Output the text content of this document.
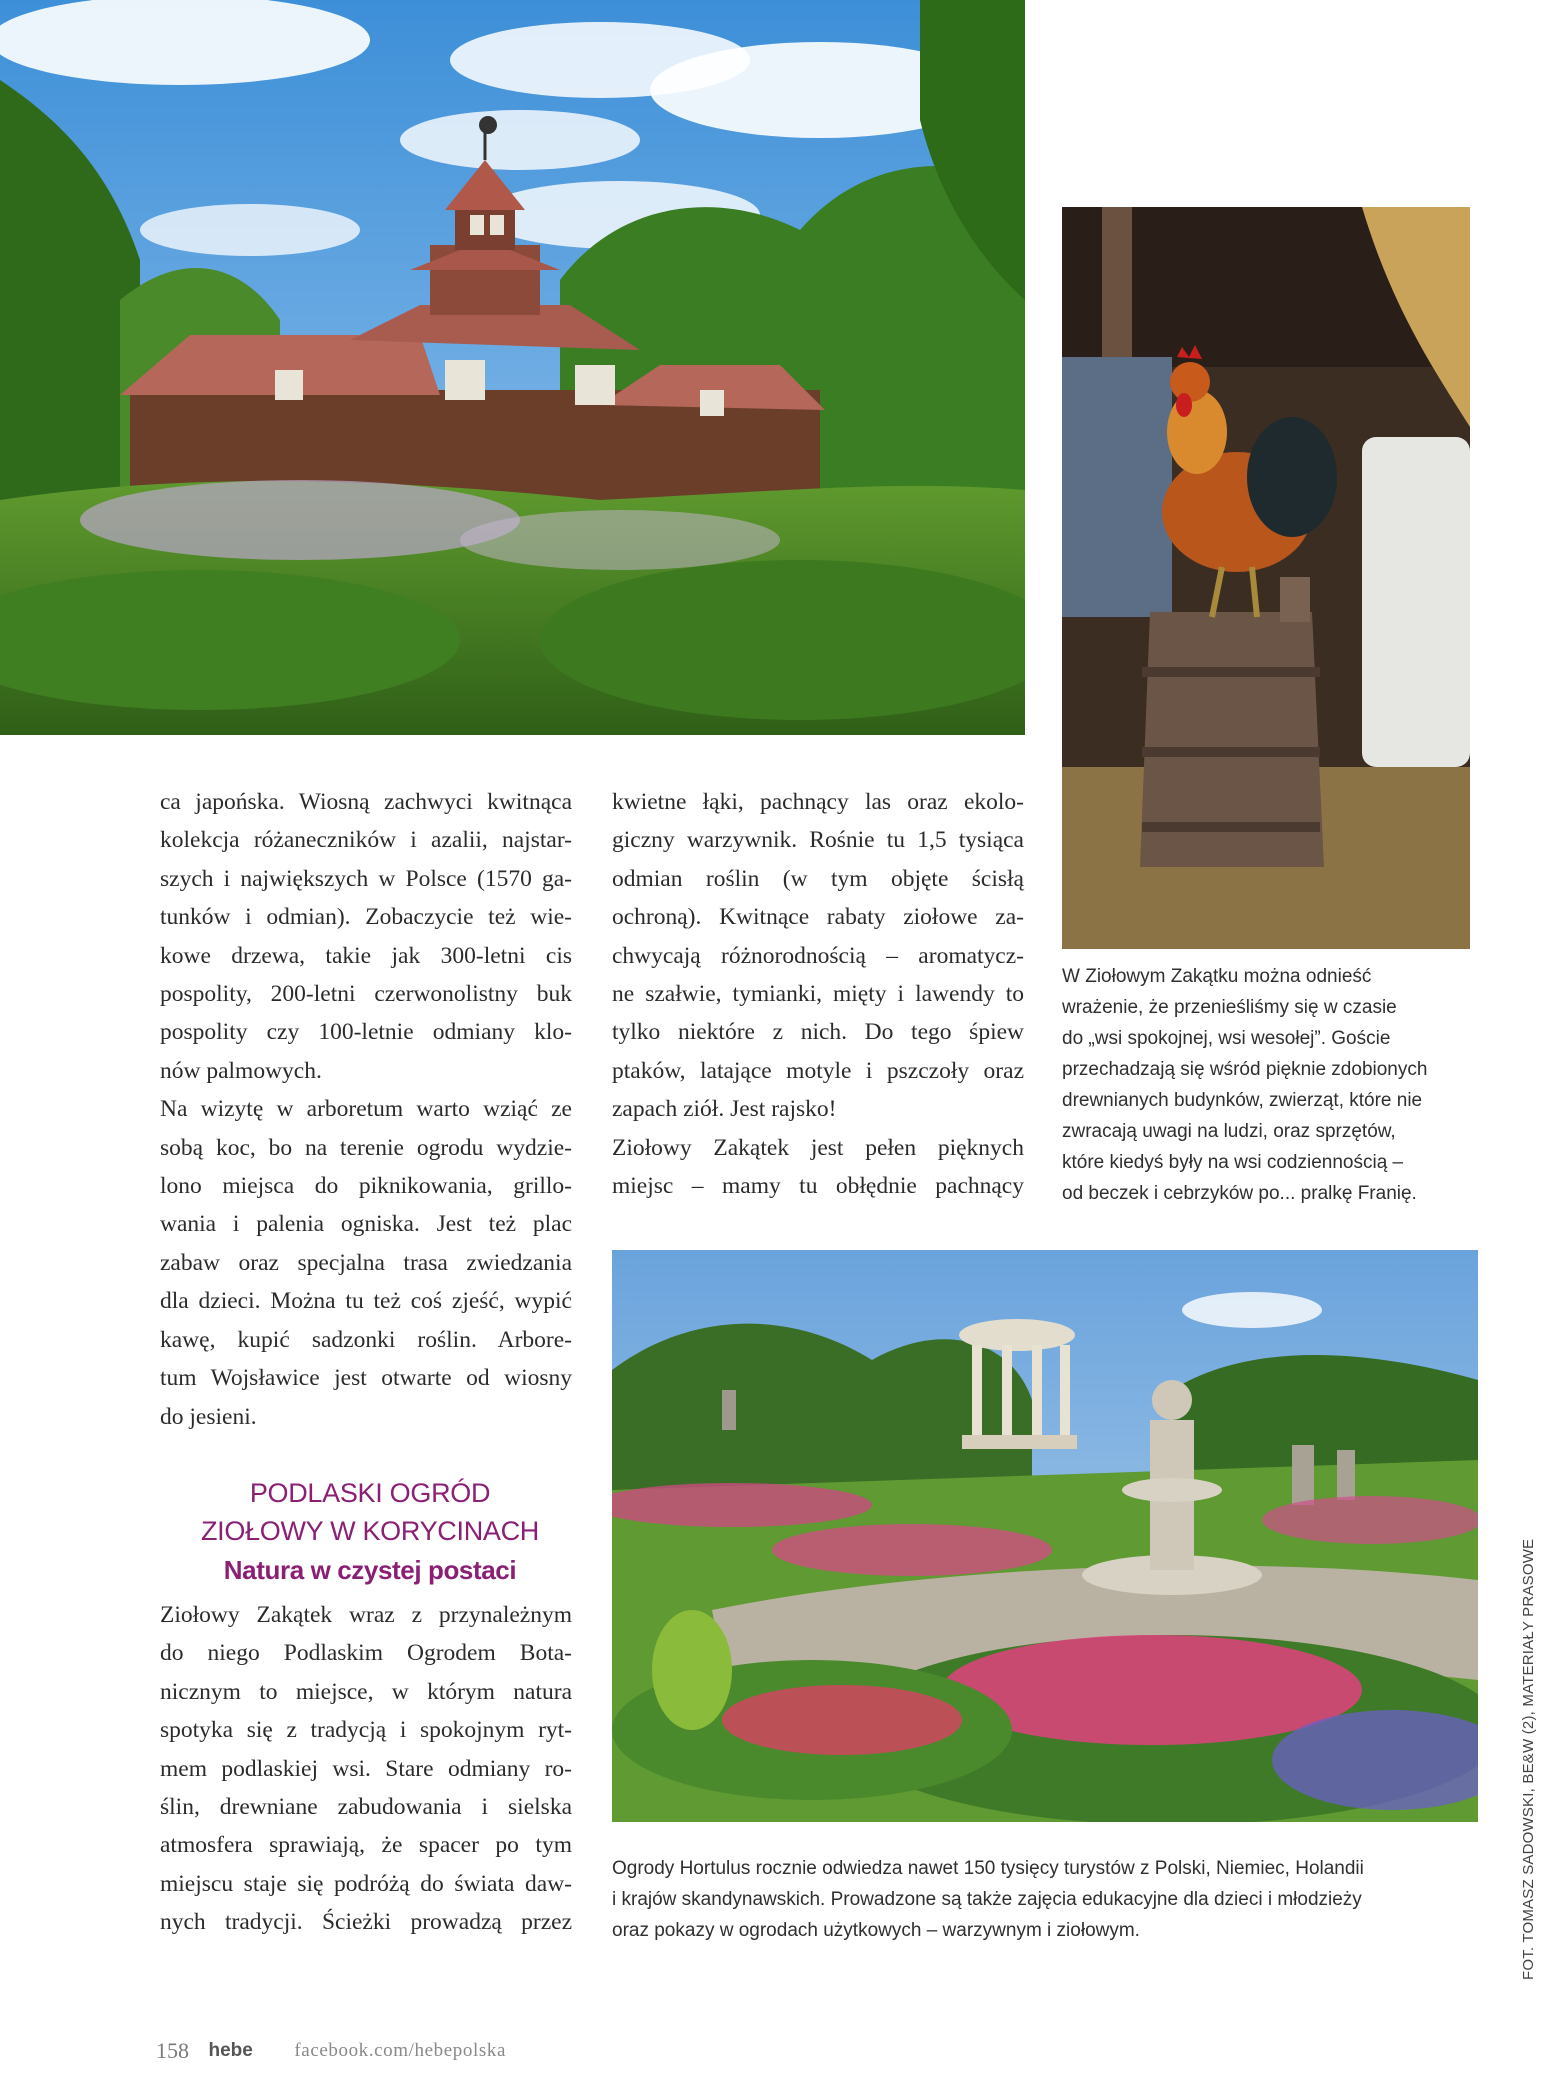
ca japońska. Wiosną zachwyci kwitnąca
kolekcja różaneczników i azalii, najstar-
szych i największych w Polsce (1570 ga-
tunków i odmian). Zobaczycie też wie-
kowe drzewa, takie jak 300-letni cis
pospolity, 200-letni czerwonolistny buk
pospolity czy 100-letnie odmiany klo-
nów palmowych.
Na wizytę w arboretum warto wziąć ze
sobą koc, bo na terenie ogrodu wydzie-
lono miejsca do piknikowania, grillo-
wania i palenia ogniska. Jest też plac
zabaw oraz specjalna trasa zwiedzania
dla dzieci. Można tu też coś zjeść, wypić
kawę, kupić sadzonki roślin. Arbore-
tum Wojsławice jest otwarte od wiosny
do jesieni.
PODLASKI OGRÓD
ZIOŁOWY W KORYCINACH
Natura w czystej postaci
Ziołowy Zakątek wraz z przynależnym
do niego Podlaskim Ogrodem Bota-
nicznym to miejsce, w którym natura
spotyka się z tradycją i spokojnym ryt-
mem podlaskiej wsi. Stare odmiany ro-
ślin, drewniane zabudowania i sielska
atmosfera sprawiają, że spacer po tym
miejscu staje się podróżą do świata daw-
nych tradycji. Ścieżki prowadzą przez
kwietne łąki, pachnący las oraz ekolo-
giczny warzywnik. Rośnie tu 1,5 tysiąca
odmian roślin (w tym objęte ścisłą
ochroną). Kwitnące rabaty ziołowe za-
chwycają różnorodnością – aromatycz-
ne szałwie, tymianki, mięty i lawendy to
tylko niektóre z nich. Do tego śpiew
ptaków, latające motyle i pszczoły oraz
zapach ziół. Jest rajsko!
Ziołowy Zakątek jest pełen pięknych
miejsc – mamy tu obłędnie pachnący
W Ziołowym Zakątku można odnieść
wrażenie, że przenieśliśmy się w czasie
do „wsi spokojnej, wsi wesołej”. Goście
przechadzają się wśród pięknie zdobionych
drewnianych budynków, zwierząt, które nie
zwracają uwagi na ludzi, oraz sprzętów,
które kiedyś były na wsi codziennością –
od beczek i cebrzyków po... pralkę Franię.
Ogrody Hortulus rocznie odwiedza nawet 150 tysięcy turystów z Polski, Niemiec, Holandii
i krajów skandynawskich. Prowadzone są także zajęcia edukacyjne dla dzieci i młodzieży
oraz pokazy w ogrodach użytkowych – warzywnym i ziołowym.	FOT. TOMASZ SADOWSKI, BE&W (2), MATERIAŁY PRASOWE
158 hebe facebook.com/hebepolska
